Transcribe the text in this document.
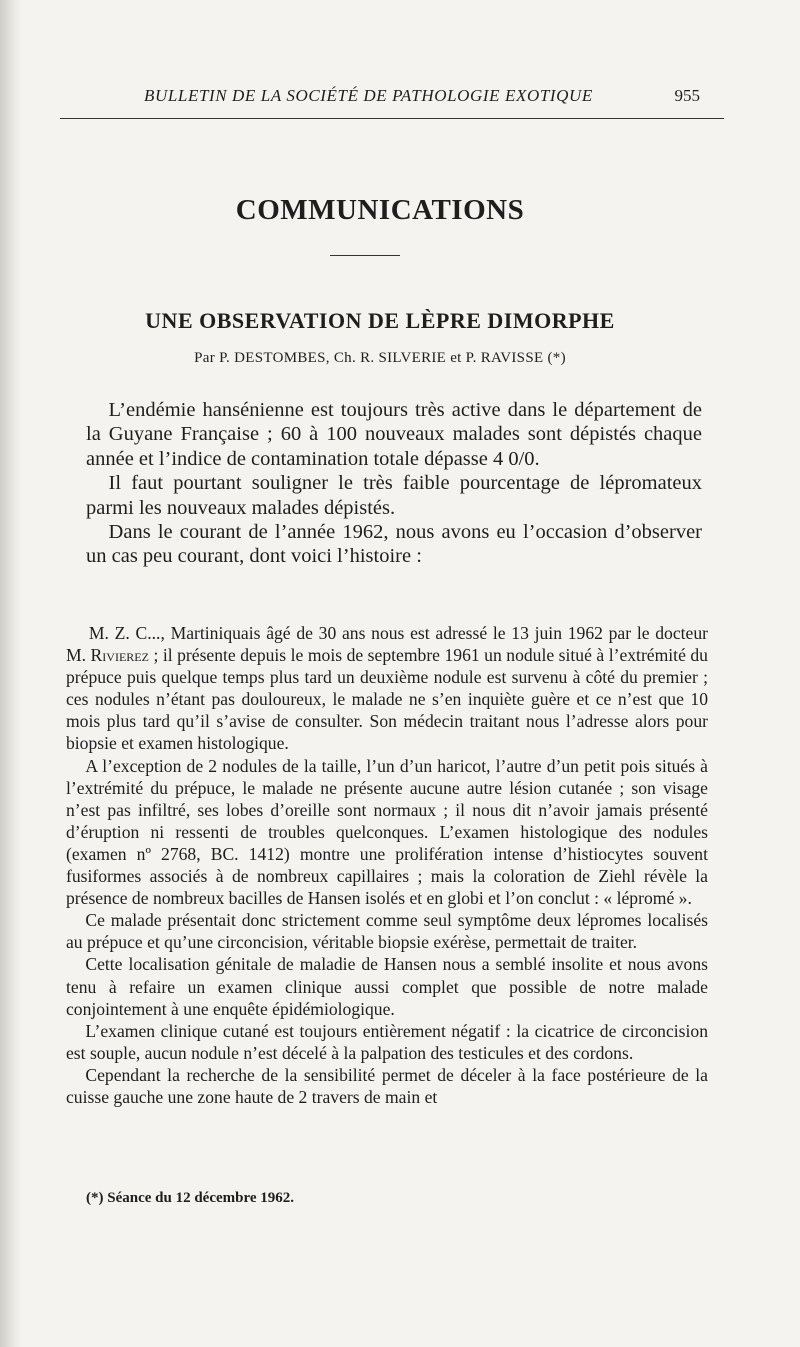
BULLETIN DE LA SOCIÉTÉ DE PATHOLOGIE EXOTIQUE	955
COMMUNICATIONS
UNE OBSERVATION DE LÈPRE DIMORPHE
Par P. DESTOMBES, Ch. R. SILVERIE et P. RAVISSE (*)

L’endémie hansénienne est toujours très active dans le département de la Guyane Française ; 60 à 100 nouveaux malades sont dépistés chaque année et l’indice de contamination totale dépasse 4 0/0.

Il faut pourtant souligner le très faible pourcentage de lépromateux parmi les nouveaux malades dépistés.

Dans le courant de l’année 1962, nous avons eu l’occasion d’observer un cas peu courant, dont voici l’histoire :

M. Z. C..., Martiniquais âgé de 30 ans nous est adressé le 13 juin 1962 par le docteur M. Rivierez ; il présente depuis le mois de septembre 1961 un nodule situé à l’extrémité du prépuce puis quelque temps plus tard un deuxième nodule est survenu à côté du premier ; ces nodules n’étant pas douloureux, le malade ne s’en inquiète guère et ce n’est que 10 mois plus tard qu’il s’avise de consulter. Son médecin traitant nous l’adresse alors pour biopsie et examen histologique.

A l’exception de 2 nodules de la taille, l’un d’un haricot, l’autre d’un petit pois situés à l’extrémité du prépuce, le malade ne présente aucune autre lésion cutanée ; son visage n’est pas infiltré, ses lobes d’oreille sont normaux ; il nous dit n’avoir jamais présenté d’éruption ni ressenti de troubles quelconques. L’examen histologique des nodules (examen nº 2768, BC. 1412) montre une prolifération intense d’histiocytes souvent fusiformes associés à de nombreux capillaires ; mais la coloration de Ziehl révèle la présence de nombreux bacilles de Hansen isolés et en globi et l’on conclut : « lépromé ».

Ce malade présentait donc strictement comme seul symptôme deux lépromes localisés au prépuce et qu’une circoncision, véritable biopsie exérèse, permettait de traiter.

Cette localisation génitale de maladie de Hansen nous a semblé insolite et nous avons tenu à refaire un examen clinique aussi complet que possible de notre malade conjointement à une enquête épidémiologique.

L’examen clinique cutané est toujours entièrement négatif : la cicatrice de circoncision est souple, aucun nodule n’est décelé à la palpation des testicules et des cordons.

Cependant la recherche de la sensibilité permet de déceler à la face postérieure de la cuisse gauche une zone haute de 2 travers de main et

(*) Séance du 12 décembre 1962.
